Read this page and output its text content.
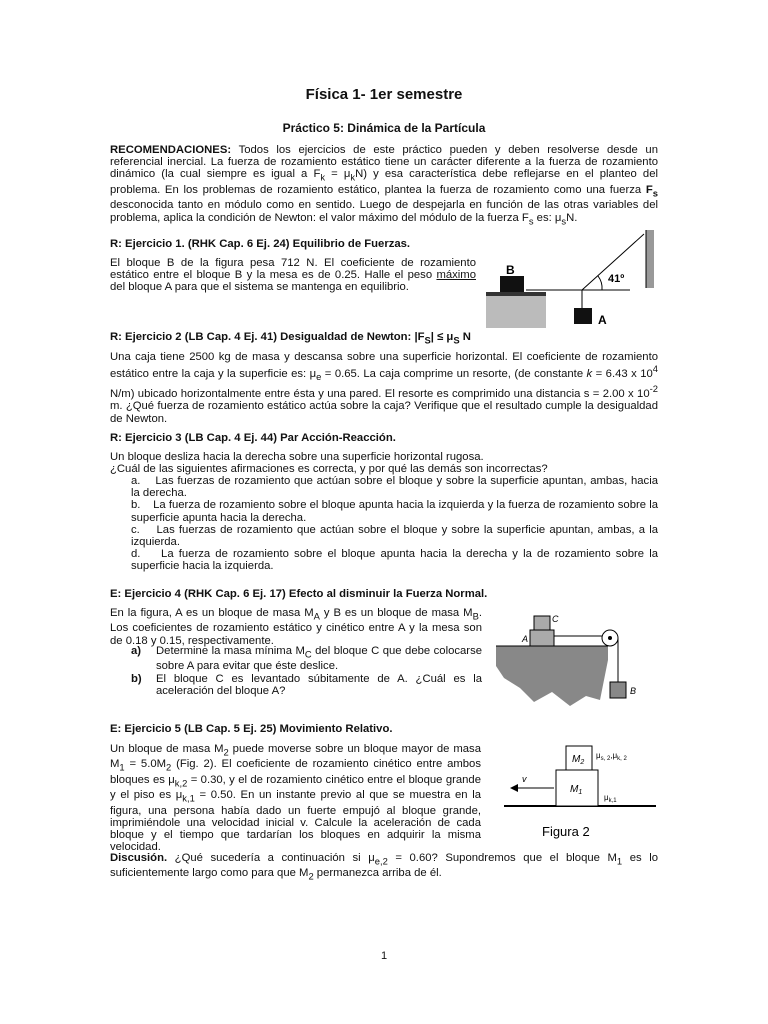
Física 1- 1er semestre
Práctico 5: Dinámica de la Partícula
RECOMENDACIONES: Todos los ejercicios de este práctico pueden y deben resolverse desde un referencial inercial. La fuerza de rozamiento estático tiene un carácter diferente a la fuerza de rozamiento dinámico (la cual siempre es igual a $F_k = \mu_kN$) y esa característica debe reflejarse en el planteo del problema. En los problemas de rozamiento estático, plantea la fuerza de rozamiento como una fuerza $F_s$ desconocida tanto en módulo como en sentido. Luego de despejarla en función de las otras variables del problema, aplica la condición de Newton: el valor máximo del módulo de la fuerza $F_s$ es: $\mu_sN$.
R: Ejercicio 1. (RHK Cap. 6 Ej. 24) Equilibrio de Fuerzas.
El bloque B de la figura pesa 712 N. El coeficiente de rozamiento estático entre el bloque B y la mesa es de 0.25. Halle el peso máximo del bloque A para que el sistema se mantenga en equilibrio.
41º
B
A
R: Ejercicio 2 (LB Cap. 4 Ej. 41) Desigualdad de Newton: $|F_S| \le \mu_S$ N
Una caja tiene 2500 kg de masa y descansa sobre una superficie horizontal. El coeficiente de rozamiento estático entre la caja y la superficie es: $\mu_e = 0.65$. La caja comprime un resorte, (de constante k = 6.43 x $10^4$ N/m) ubicado horizontalmente entre ésta y una pared. El resorte es comprimido una distancia s = 2.00 x $10^{-2}$ m. ¿Qué fuerza de rozamiento estático actúa sobre la caja? Verifique que el resultado cumple la desigualdad de Newton.
R: Ejercicio 3 (LB Cap. 4 Ej. 44) Par Acción-Reacción.
Un bloque desliza hacia la derecha sobre una superficie horizontal rugosa.
¿Cuál de las siguientes afirmaciones es correcta, y por qué las demás son incorrectas?
a.    Las fuerzas de rozamiento que actúan sobre el bloque y sobre la superficie apuntan, ambas, hacia la derecha.
b.    La fuerza de rozamiento sobre el bloque apunta hacia la izquierda y la fuerza de rozamiento sobre la superficie apunta hacia la derecha.
c.    Las fuerzas de rozamiento que actúan sobre el bloque y sobre la superficie apuntan, ambas, a la izquierda.
d.    La fuerza de rozamiento sobre el bloque apunta hacia la derecha y la de rozamiento sobre la superficie hacia la izquierda.
E: Ejercicio 4 (RHK Cap. 6 Ej. 17) Efecto al disminuir la Fuerza Normal.
En la figura, A es un bloque de masa $M_A$ y B es un bloque de masa $M_B$. Los coeficientes de rozamiento estático y cinético entre A y la mesa son de 0.18 y 0.15, respectivamente.
a)	Determine la masa mínima $M_C$ del bloque C que debe colocarse sobre A para evitar que éste deslice.
b)	El bloque C es levantado súbitamente de A. ¿Cuál es la aceleración del bloque A?
A
C
B
E: Ejercicio 5 (LB Cap. 5 Ej. 25) Movimiento Relativo.
Un bloque de masa $M_2$ puede moverse sobre un bloque mayor de masa $M_1 = 5.0M_2$ (Fig. 2). El coeficiente de rozamiento cinético entre ambos bloques es $\mu_{k,2} = 0.30$, y el de rozamiento cinético entre el bloque grande y el piso es $\mu_{k,1} = 0.50$. En un instante previo al que se muestra en la figura, una persona había dado un fuerte empujó al bloque grande, imprimiéndole una velocidad inicial v. Calcule la aceleración de cada bloque y el tiempo que tardarían los bloques en adquirir la misma velocidad.
$M_1$
$M_2$
v
$\mu_{s, 2},\mu_{k, 2}$
$\mu_{k,1}$
Figura 2
Discusión. ¿Qué sucedería a continuación si $\mu_{e,2} = 0.60$? Supondremos que el bloque $M_1$ es lo suficientemente largo como para que $M_2$ permanezca arriba de él.
1
